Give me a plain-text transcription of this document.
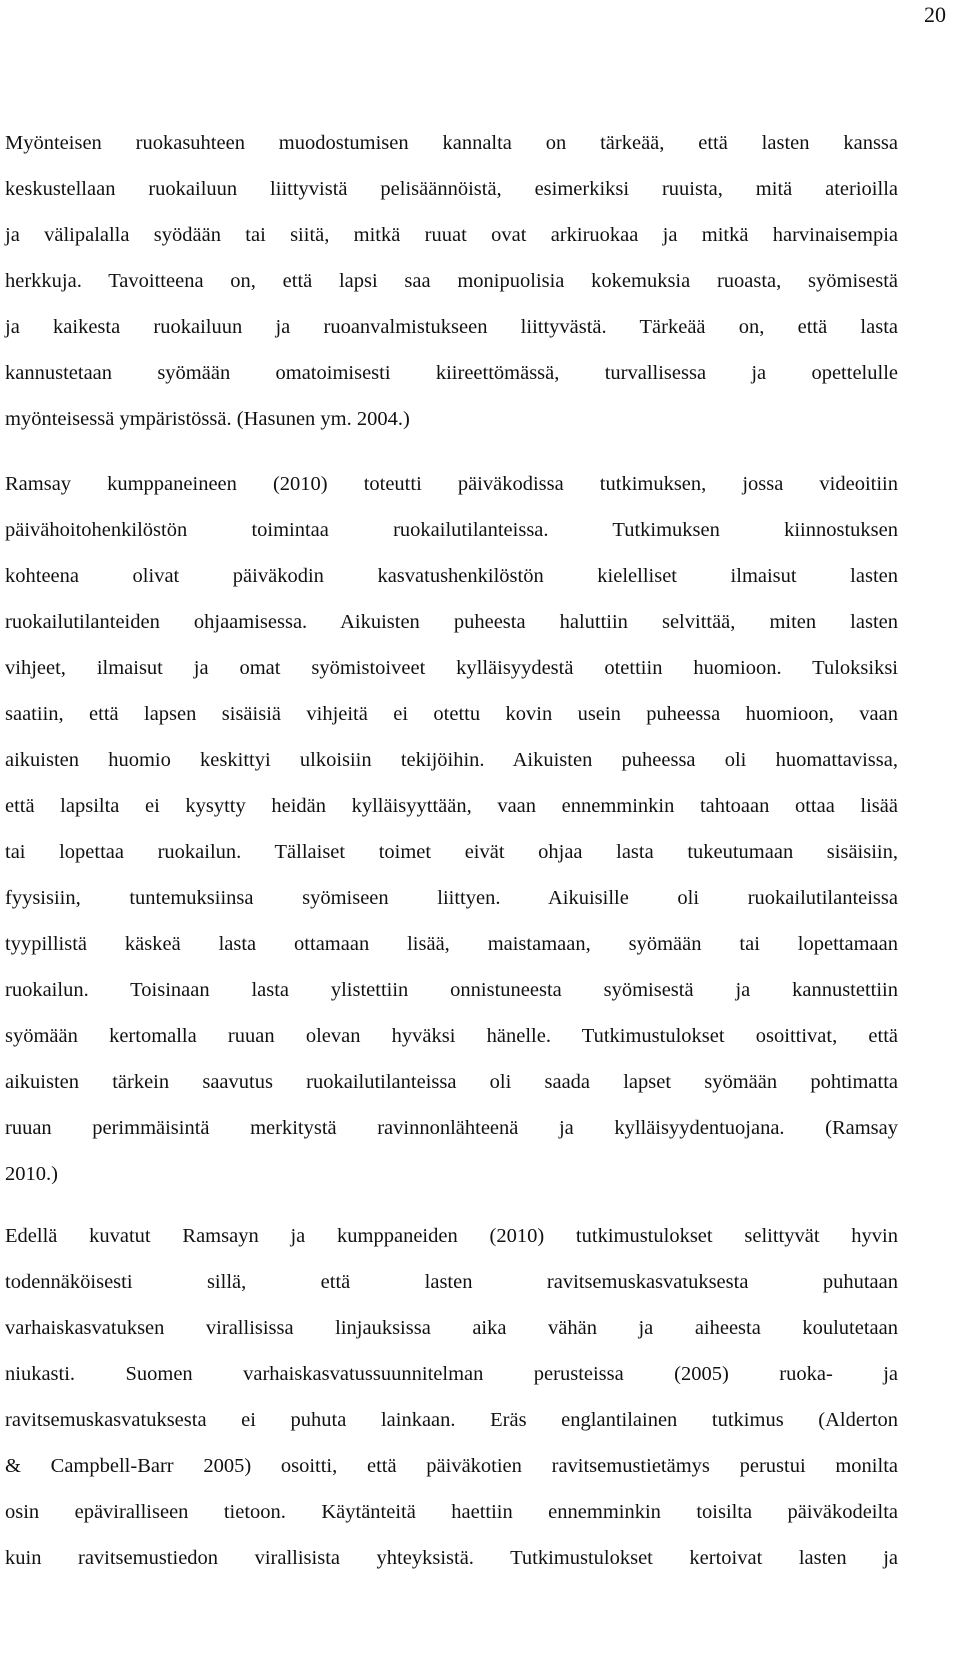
20
Myönteisen ruokasuhteen muodostumisen kannalta on tärkeää, että lasten kanssa
keskustellaan ruokailuun liittyvistä pelisäännöistä, esimerkiksi ruuista, mitä aterioilla
ja välipalalla syödään tai siitä, mitkä ruuat ovat arkiruokaa ja mitkä harvinaisempia
herkkuja. Tavoitteena on, että lapsi saa monipuolisia kokemuksia ruoasta, syömisestä
ja kaikesta ruokailuun ja ruoanvalmistukseen liittyvästä. Tärkeää on, että lasta
kannustetaan syömään omatoimisesti kiireettömässä, turvallisessa ja opettelulle
myönteisessä ympäristössä. (Hasunen ym. 2004.)
Ramsay kumppaneineen (2010) toteutti päiväkodissa tutkimuksen, jossa videoitiin
päivähoitohenkilöstön toimintaa ruokailutilanteissa. Tutkimuksen kiinnostuksen
kohteena olivat päiväkodin kasvatushenkilöstön kielelliset ilmaisut lasten
ruokailutilanteiden ohjaamisessa. Aikuisten puheesta haluttiin selvittää, miten lasten
vihjeet, ilmaisut ja omat syömistoiveet kylläisyydestä otettiin huomioon. Tuloksiksi
saatiin, että lapsen sisäisiä vihjeitä ei otettu kovin usein puheessa huomioon, vaan
aikuisten huomio keskittyi ulkoisiin tekijöihin. Aikuisten puheessa oli huomattavissa,
että lapsilta ei kysytty heidän kylläisyyttään, vaan ennemminkin tahtoaan ottaa lisää
tai lopettaa ruokailun. Tällaiset toimet eivät ohjaa lasta tukeutumaan sisäisiin,
fyysisiin, tuntemuksiinsa syömiseen liittyen. Aikuisille oli ruokailutilanteissa
tyypillistä käskeä lasta ottamaan lisää, maistamaan, syömään tai lopettamaan
ruokailun. Toisinaan lasta ylistettiin onnistuneesta syömisestä ja kannustettiin
syömään kertomalla ruuan olevan hyväksi hänelle. Tutkimustulokset osoittivat, että
aikuisten tärkein saavutus ruokailutilanteissa oli saada lapset syömään pohtimatta
ruuan perimmäisintä merkitystä ravinnonlähteenä ja kylläisyydentuojana. (Ramsay
2010.)
Edellä kuvatut Ramsayn ja kumppaneiden (2010) tutkimustulokset selittyvät hyvin
todennäköisesti sillä, että lasten ravitsemuskasvatuksesta puhutaan
varhaiskasvatuksen virallisissa linjauksissa aika vähän ja aiheesta koulutetaan
niukasti. Suomen varhaiskasvatussuunnitelman perusteissa (2005) ruoka- ja
ravitsemuskasvatuksesta ei puhuta lainkaan. Eräs englantilainen tutkimus (Alderton
& Campbell-Barr 2005) osoitti, että päiväkotien ravitsemustietämys perustui monilta
osin epäviralliseen tietoon. Käytänteitä haettiin ennemminkin toisilta päiväkodeilta
kuin ravitsemustiedon virallisista yhteyksistä. Tutkimustulokset kertoivat lasten ja
